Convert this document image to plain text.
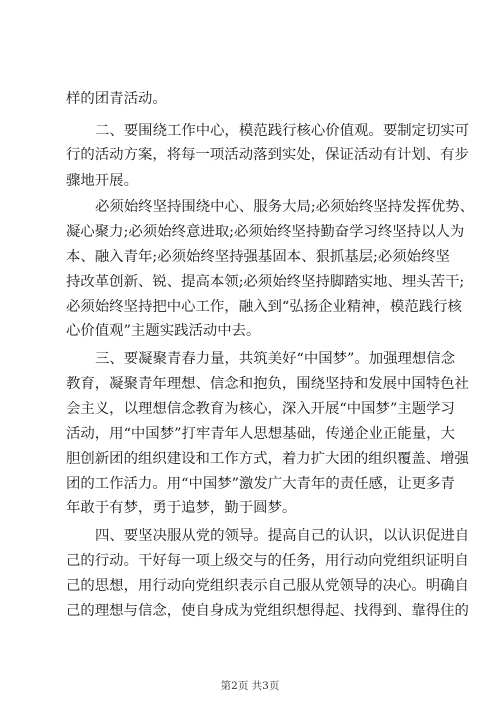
样的团青活动。
二、要围绕工作中心，模范践行核心价值观。要制定切实可
行的活动方案，将每一项活动落到实处，保证活动有计划、有步
骤地开展。
必须始终坚持围绕中心、服务大局;必须始终坚持发挥优势、
凝心聚力;必须始终意进取;必须始终坚持勤奋学习终坚持以人为
本、融入青年;必须始终坚持强基固本、狠抓基层;必须始终坚
持改革创新、锐、提高本领;必须始终坚持脚踏实地、埋头苦干;
必须始终坚持把中心工作，融入到“弘扬企业精神，模范践行核
心价值观”主题实践活动中去。
三、要凝聚青春力量，共筑美好“中国梦”。加强理想信念
教育，凝聚青年理想、信念和抱负，围绕坚持和发展中国特色社
会主义，以理想信念教育为核心，深入开展“中国梦”主题学习
活动，用“中国梦”打牢青年人思想基础，传递企业正能量，大
胆创新团的组织建设和工作方式，着力扩大团的组织覆盖、增强
团的工作活力。用“中国梦”激发广大青年的责任感，让更多青
年敢于有梦，勇于追梦，勤于圆梦。
四、要坚决服从党的领导。提高自己的认识，以认识促进自
己的行动。干好每一项上级交与的任务，用行动向党组织证明自
己的思想，用行动向党组织表示自己服从党领导的决心。明确自
己的理想与信念，使自身成为党组织想得起、找得到、靠得住的
第2页 共3页
